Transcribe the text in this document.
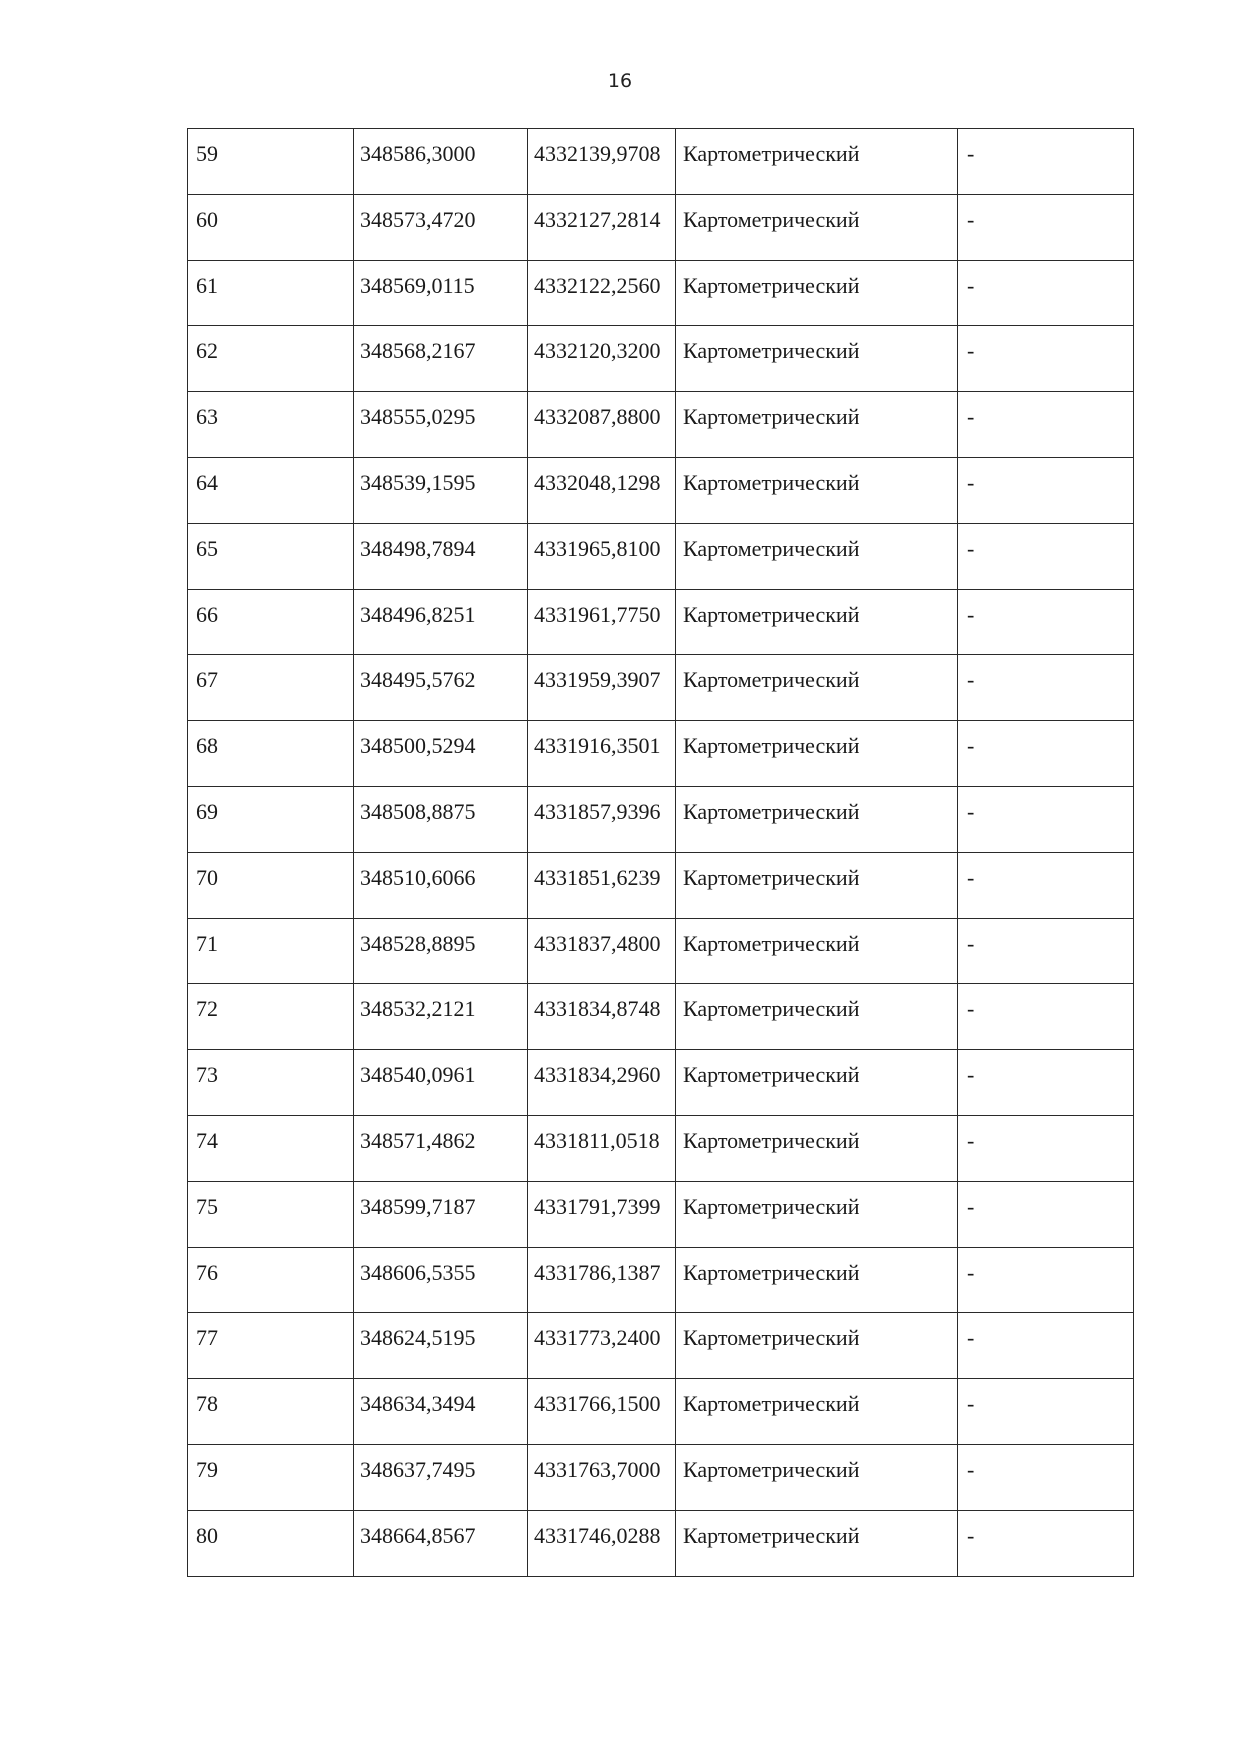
16
59	348586,3000	4332139,9708	Картометрический	-

60	348573,4720	4332127,2814	Картометрический	-

61	348569,0115	4332122,2560	Картометрический	-

62	348568,2167	4332120,3200	Картометрический	-

63	348555,0295	4332087,8800	Картометрический	-

64	348539,1595	4332048,1298	Картометрический	-

65	348498,7894	4331965,8100	Картометрический	-

66	348496,8251	4331961,7750	Картометрический	-

67	348495,5762	4331959,3907	Картометрический	-

68	348500,5294	4331916,3501	Картометрический	-

69	348508,8875	4331857,9396	Картометрический	-

70	348510,6066	4331851,6239	Картометрический	-

71	348528,8895	4331837,4800	Картометрический	-

72	348532,2121	4331834,8748	Картометрический	-

73	348540,0961	4331834,2960	Картометрический	-

74	348571,4862	4331811,0518	Картометрический	-

75	348599,7187	4331791,7399	Картометрический	-

76	348606,5355	4331786,1387	Картометрический	-

77	348624,5195	4331773,2400	Картометрический	-

78	348634,3494	4331766,1500	Картометрический	-

79	348637,7495	4331763,7000	Картометрический	-

80	348664,8567	4331746,0288	Картометрический	-
